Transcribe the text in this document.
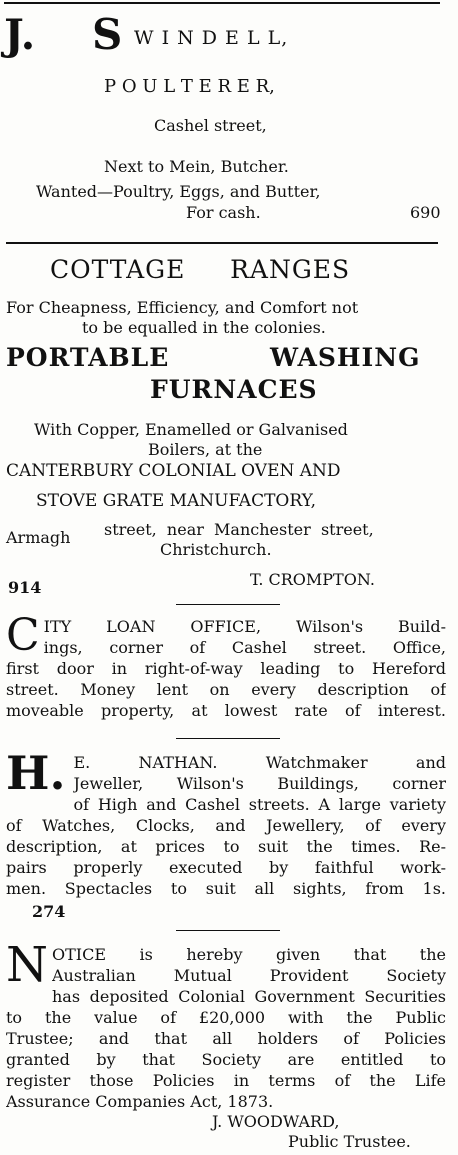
J. S W I N D E L L,
P O U L T E R E R,
Cashel street,
Next to Mein, Butcher.
Wanted—Poultry, Eggs, and Butter,
For cash.	690
COTTAGE     RANGES
For Cheapness, Efficiency, and Comfort not
to be equalled in the colonies.
PORTABLE	WASHING
FURNACES
With Copper, Enamelled or Galvanised
Boilers, at the
CANTERBURY COLONIAL OVEN AND
STOVE GRATE MANUFACTORY,
Armagh street,  near  Manchester  street,
Christchurch.
914	T. CROMPTON.
C ITY LOAN OFFICE, Wilson's Build-
ings, corner of Cashel street. Office,
first door in right-of-way leading to Hereford
street. Money lent on every description of
moveable property, at lowest rate of interest.
H. E. NATHAN. Watchmaker and
Jeweller, Wilson's Buildings, corner
of High and Cashel streets. A large variety
of Watches, Clocks, and Jewellery, of every
description, at prices to suit the times. Re-
pairs properly executed by faithful work-
men. Spectacles to suit all sights, from 1s.
274
N OTICE is hereby given that the
Australian Mutual Provident Society
has deposited Colonial Government Securities
to the value of £20,000 with the Public
Trustee; and that all holders of Policies
granted by that Society are entitled to
register those Policies in terms of the Life
Assurance Companies Act, 1873.
J. WOODWARD,
Public Trustee.
